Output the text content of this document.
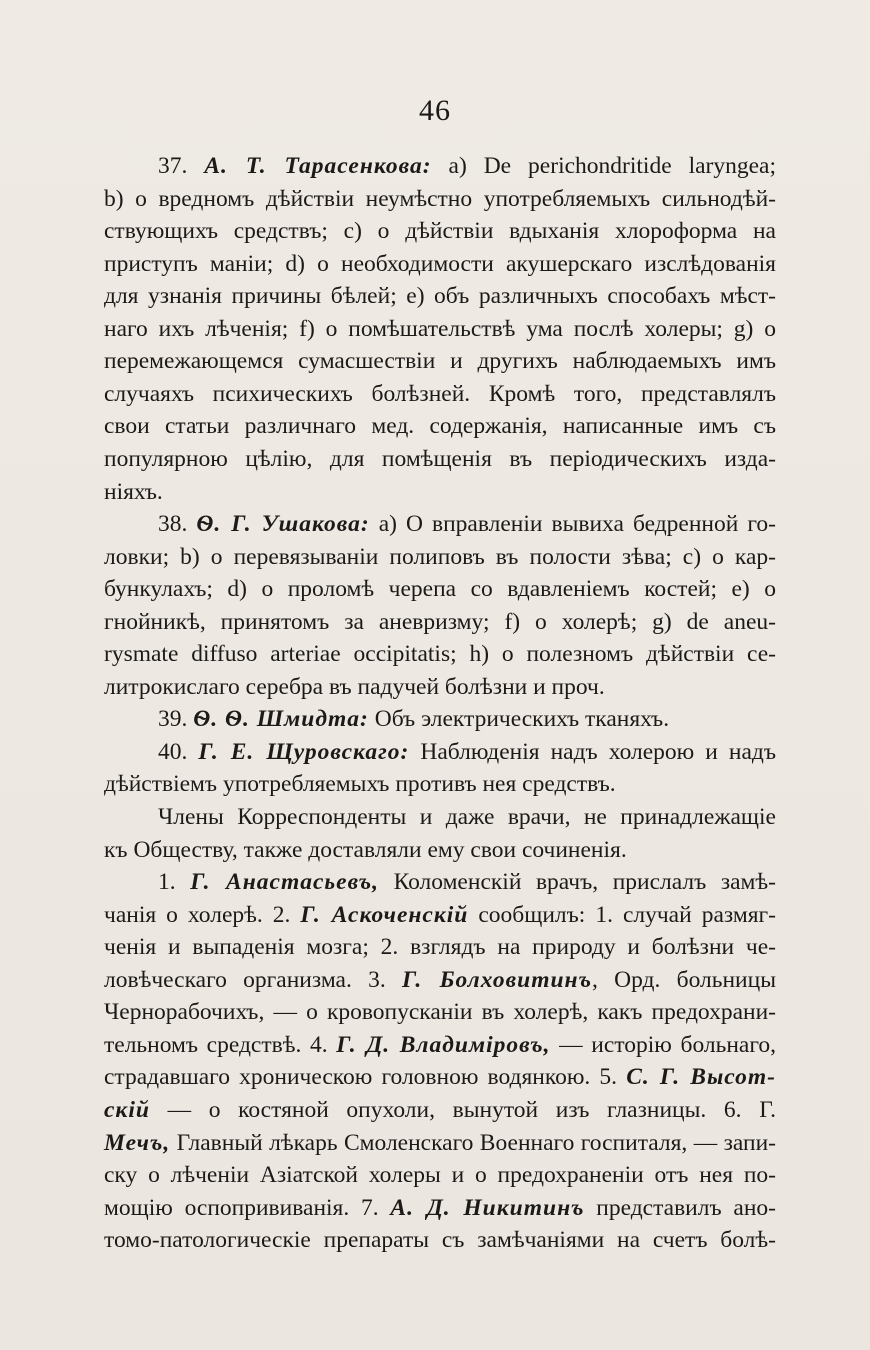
46
37. А. Т. Тарасенкова: a) De perichondritide laryngea;
b) о вредномъ дѣйствіи неумѣстно употребляемыхъ сильнодѣй-
ствующихъ средствъ; с) о дѣйствіи вдыханія хлороформа на
приступъ маніи; d) о необходимости акушерскаго изслѣдованія
для узнанія причины бѣлей; е) объ различныхъ способахъ мѣст-
наго ихъ лѣченія; f) о помѣшательствѣ ума послѣ холеры; g) о
перемежающемся сумасшествіи и другихъ наблюдаемыхъ имъ
случаяхъ психическихъ болѣзней. Кромѣ того, представлялъ
свои статьи различнаго мед. содержанія, написанные имъ съ
популярною цѣлію, для помѣщенія въ періодическихъ изда-
ніяхъ.
38. Ѳ. Г. Ушакова: а) О вправленіи вывиха бедренной го-
ловки; b) о перевязываніи полиповъ въ полости зѣва; с) о кар-
бункулахъ; d) о проломѣ черепа со вдавленіемъ костей; е) о
гнойникѣ, принятомъ за аневризму; f) о холерѣ; g) de aneu-
rysmate diffuso arteriae occipitatis; h) о полезномъ дѣйствіи се-
литрокислаго серебра въ падучей болѣзни и проч.
39. Ѳ. Ѳ. Шмидта: Объ электрическихъ тканяхъ.
40. Г. Е. Щуровскаго: Наблюденія надъ холерою и надъ
дѣйствіемъ употребляемыхъ противъ нея средствъ.
Члены Корреспонденты и даже врачи, не принадлежащіе
къ Обществу, также доставляли ему свои сочиненія.
1. Г. Анастасьевъ, Коломенскій врачъ, прислалъ замѣ-
чанія о холерѣ. 2. Г. Аскоченскій сообщилъ: 1. случай размяг-
ченія и выпаденія мозга; 2. взглядъ на природу и болѣзни че-
ловѣческаго организма. 3. Г. Болховитинъ, Орд. больницы
Чернорабочихъ, — о кровопусканіи въ холерѣ, какъ предохрани-
тельномъ средствѣ. 4. Г. Д. Владиміровъ, — исторію больнаго,
страдавшаго хроническою головною водянкою. 5. С. Г. Высот-
скій — о костяной опухоли, вынутой изъ глазницы. 6. Г.
Мечъ, Главный лѣкарь Смоленскаго Военнаго госпиталя, — запи-
ску о лѣченіи Азіатской холеры и о предохраненіи отъ нея по-
мощію оспопрививанія. 7. А. Д. Никитинъ представилъ ано-
томо-патологическіе препараты съ замѣчаніями на счетъ болѣ-
